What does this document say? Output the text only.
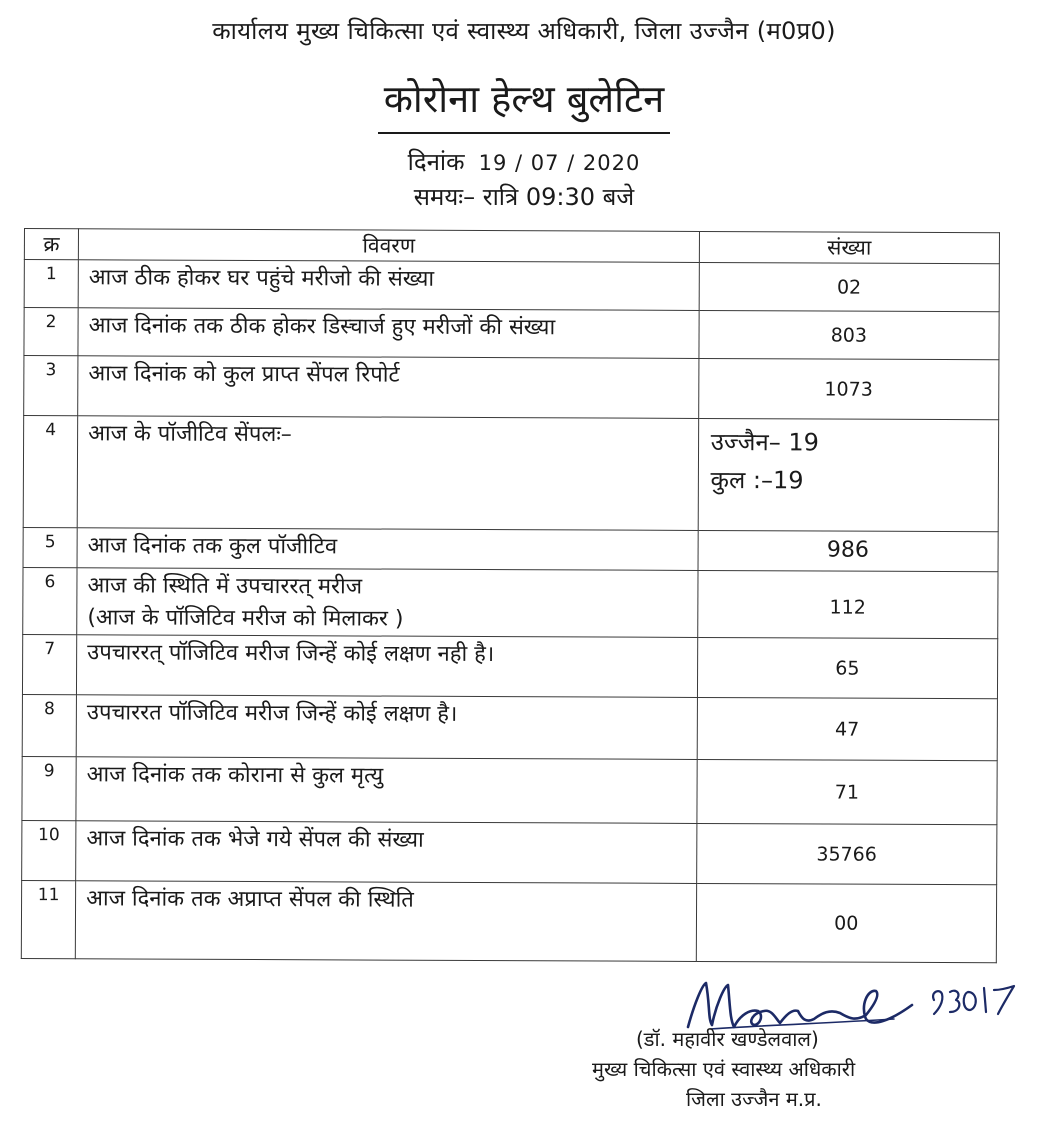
कार्यालय मुख्य चिकित्सा एवं स्वास्थ्य अधिकारी, जिला उज्जैन (म0प्र0)
कोरोना हेल्थ बुलेटिन
दिनांक 19 / 07 / 2020
समयः– रात्रि 09:30 बजे
क्र	विवरण	संख्या
1	आज ठीक होकर घर पहुंचे मरीजो की संख्या	02
2	आज दिनांक तक ठीक होकर डिस्चार्ज हुए मरीजों की संख्या	803
3	आज दिनांक को कुल प्राप्त सेंपल रिपोर्ट	1073
4	आज के पॉजीटिव सेंपलः–	उज्जैन– 19
कुल :–19

5	आज दिनांक तक कुल पॉजीटिव	986
6	आज की स्थिति में उपचाररत् मरीज
(आज के पॉजिटिव मरीज को मिलाकर )	112
7	उपचाररत् पॉजिटिव मरीज जिन्हें कोई लक्षण नही है।	65
8	उपचाररत पॉजिटिव मरीज जिन्हें कोई लक्षण है।	47
9	आज दिनांक तक कोराना से कुल मृत्यु	71
10	आज दिनांक तक भेजे गये सेंपल की संख्या	35766
11	आज दिनांक तक अप्राप्त सेंपल की स्थिति	00
(डॉ. महावीर खण्डेलवाल)
मुख्य चिकित्सा एवं स्वास्थ्य अधिकारी
जिला उज्जैन म.प्र.
